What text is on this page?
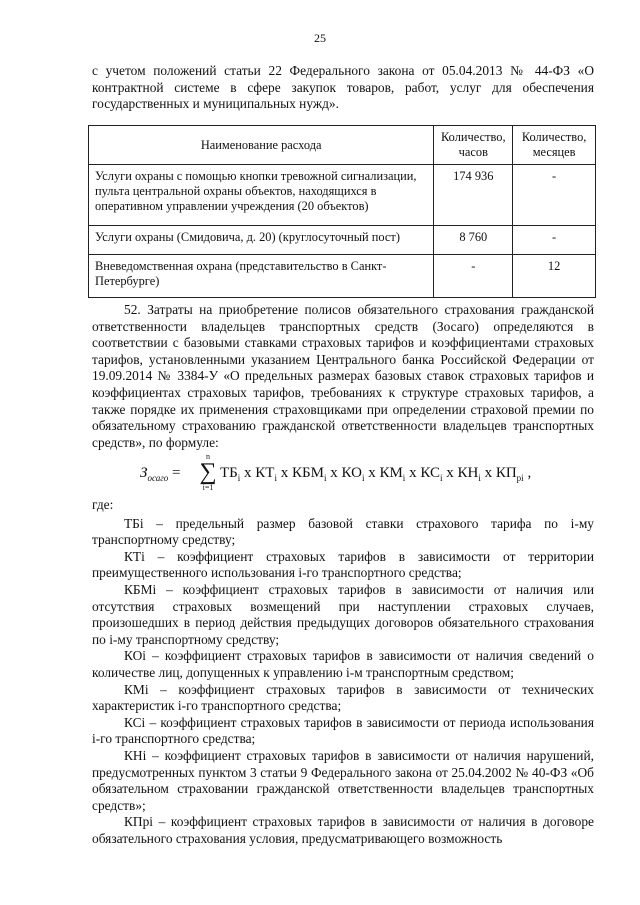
25

с учетом положений статьи 22 Федерального закона от 05.04.2013 № 44-ФЗ «О контрактной системе в сфере закупок товаров, работ, услуг для обеспечения государственных и муниципальных нужд».

Наименование расхода	Количество, часов	Количество, месяцев
Услуги охраны с помощью кнопки тревожной сигнализации, пульта центральной охраны объектов, находящихся в оперативном управлении учреждения (20 объектов)	174 936	-
Услуги охраны (Смидовича, д. 20) (круглосуточный пост)	8 760	-
Вневедомственная охрана (представительство в Санкт-Петербурге)	-	12

52. Затраты на приобретение полисов обязательного страхования гражданской ответственности владельцев транспортных средств (Зосаго) определяются в соответствии с базовыми ставками страховых тарифов и коэффициентами страховых тарифов, установленными указанием Центрального банка Российской Федерации от 19.09.2014 № 3384-У «О предельных размерах базовых ставок страховых тарифов и коэффициентах страховых тарифов, требованиях к структуре страховых тарифов, а также порядке их применения страховщиками при определении страховой премии по обязательному страхованию гражданской ответственности владельцев транспортных средств», по формуле:

$З_{осаго}$ =
n
∑
i=1
$ТБ_i$ x $КТ_i$ x $КБМ_i$ x $КО_i$ x $КМ_i$ x $КС_i$ x $КН_i$ x $КП_{pi}$ ,

где:

ТБi – предельный размер базовой ставки страхового тарифа по i-му транспортному средству;

КТi – коэффициент страховых тарифов в зависимости от территории преимущественного использования i-го транспортного средства;

КБМi – коэффициент страховых тарифов в зависимости от наличия или отсутствия страховых возмещений при наступлении страховых случаев, произошедших в период действия предыдущих договоров обязательного страхования по i-му транспортному средству;

КОi – коэффициент страховых тарифов в зависимости от наличия сведений о количестве лиц, допущенных к управлению i-м транспортным средством;

КМi – коэффициент страховых тарифов в зависимости от технических характеристик i-го транспортного средства;

КСi – коэффициент страховых тарифов в зависимости от периода использования i-го транспортного средства;

КНi – коэффициент страховых тарифов в зависимости от наличия нарушений, предусмотренных пунктом 3 статьи 9 Федерального закона от 25.04.2002 № 40-ФЗ «Об обязательном страховании гражданской ответственности владельцев транспортных средств»;

КПpi – коэффициент страховых тарифов в зависимости от наличия в договоре обязательного страхования условия, предусматривающего возможность
